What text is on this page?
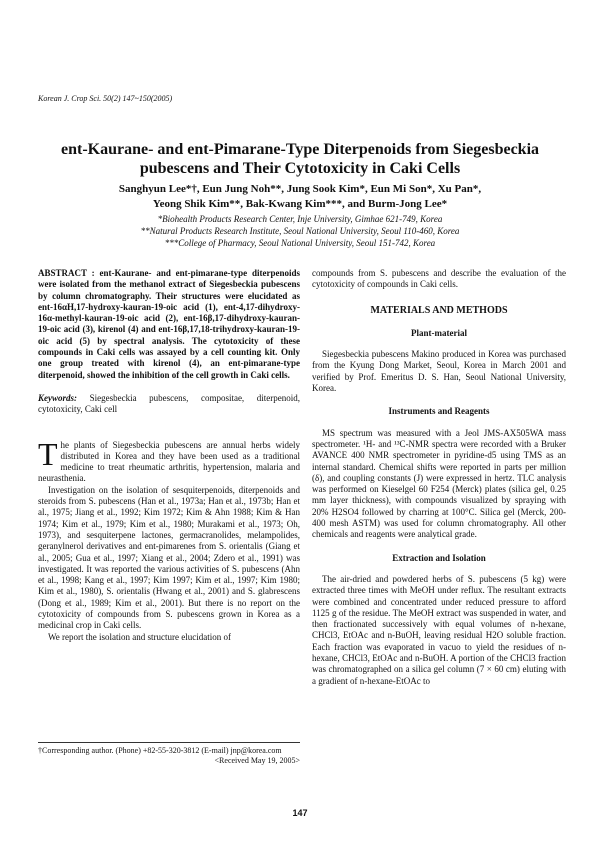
Korean J. Crop Sci. 50(2) 147~150(2005)
ent-Kaurane- and ent-Pimarane-Type Diterpenoids from Siegesbeckia
pubescens and Their Cytotoxicity in Caki Cells
Sanghyun Lee*†, Eun Jung Noh**, Jung Sook Kim*, Eun Mi Son*, Xu Pan*,
Yeong Shik Kim**, Bak-Kwang Kim***, and Burm-Jong Lee*
*Biohealth Products Research Center, Inje University, Gimhae 621-749, Korea
**Natural Products Research Institute, Seoul National University, Seoul 110-460, Korea
***College of Pharmacy, Seoul National University, Seoul 151-742, Korea

ABSTRACT : ent-Kaurane- and ent-pimarane-type diterpenoids were isolated from the methanol extract of Siegesbeckia pubescens by column chromatography. Their structures were elucidated as ent-16αH,17-hydroxy-kauran-19-oic acid (1), ent-4,17-dihydroxy-16α-methyl-kauran-19-oic acid (2), ent-16β,17-dihydroxy-kauran-19-oic acid (3), kirenol (4) and ent-16β,17,18-trihydroxy-kauran-19-oic acid (5) by spectral analysis. The cytotoxicity of these compounds in Caki cells was assayed by a cell counting kit. Only one group treated with kirenol (4), an ent-pimarane-type diterpenoid, showed the inhibition of the cell growth in Caki cells.

Keywords: Siegesbeckia pubescens, compositae, diterpenoid, cytotoxicity, Caki cell

The plants of Siegesbeckia pubescens are annual herbs widely distributed in Korea and they have been used as a traditional medicine to treat rheumatic arthritis, hypertension, malaria and neurasthenia.

Investigation on the isolation of sesquiterpenoids, diterpenoids and steroids from S. pubescens (Han et al., 1973a; Han et al., 1973b; Han et al., 1975; Jiang et al., 1992; Kim 1972; Kim & Ahn 1988; Kim & Han 1974; Kim et al., 1979; Kim et al., 1980; Murakami et al., 1973; Oh, 1973), and sesquiterpene lactones, germacranolides, melampolides, geranylnerol derivatives and ent-pimarenes from S. orientalis (Giang et al., 2005; Gua et al., 1997; Xiang et al., 2004; Zdero et al., 1991) was investigated. It was reported the various activities of S. pubescens (Ahn et al., 1998; Kang et al., 1997; Kim 1997; Kim et al., 1997; Kim 1980; Kim et al., 1980), S. orientalis (Hwang et al., 2001) and S. glabrescens (Dong et al., 1989; Kim et al., 2001). But there is no report on the cytotoxicity of compounds from S. pubescens grown in Korea as a medicinal crop in Caki cells.

We report the isolation and structure elucidation of

†Corresponding author. (Phone) +82-55-320-3812 (E-mail) jnp@korea.com
<Received May 19, 2005>

compounds from S. pubescens and describe the evaluation of the cytotoxicity of compounds in Caki cells.

MATERIALS AND METHODS
Plant-material

Siegesbeckia pubescens Makino produced in Korea was purchased from the Kyung Dong Market, Seoul, Korea in March 2001 and verified by Prof. Emeritus D. S. Han, Seoul National University, Korea.

Instruments and Reagents

MS spectrum was measured with a Jeol JMS-AX505WA mass spectrometer. ¹H- and ¹³C-NMR spectra were recorded with a Bruker AVANCE 400 NMR spectrometer in pyridine-d5 using TMS as an internal standard. Chemical shifts were reported in parts per million (δ), and coupling constants (J) were expressed in hertz. TLC analysis was performed on Kieselgel 60 F254 (Merck) plates (silica gel, 0.25 mm layer thickness), with compounds visualized by spraying with 20% H2SO4 followed by charring at 100°C. Silica gel (Merck, 200-400 mesh ASTM) was used for column chromatography. All other chemicals and reagents were analytical grade.

Extraction and Isolation

The air-dried and powdered herbs of S. pubescens (5 kg) were extracted three times with MeOH under reflux. The resultant extracts were combined and concentrated under reduced pressure to afford 1125 g of the residue. The MeOH extract was suspended in water, and then fractionated successively with equal volumes of n-hexane, CHCl3, EtOAc and n-BuOH, leaving residual H2O soluble fraction. Each fraction was evaporated in vacuo to yield the residues of n-hexane, CHCl3, EtOAc and n-BuOH. A portion of the CHCl3 fraction was chromatographed on a silica gel column (7 × 60 cm) eluting with a gradient of n-hexane-EtOAc to

147
